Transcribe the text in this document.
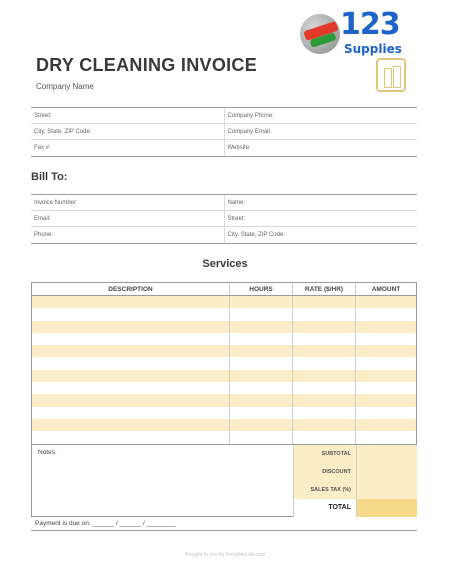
123
Supplies
DRY CLEANING INVOICE
Company Name
Street:	Company Phone:
City, State, ZIP Code:	Company Email:
Fax #:	Website:
Bill To:
Invoice Number:	Name:
Email:	Street:
Phone:	City, State, ZIP Code:
Services
DESCRIPTION	HOURS	RATE ($/HR)	AMOUNT
Notes:	SUBTOTAL
DISCOUNT
SALES TAX (%)
TOTAL
Payment is due on: ______ / ______ / ________
Brought to you by TemplateLab.com
